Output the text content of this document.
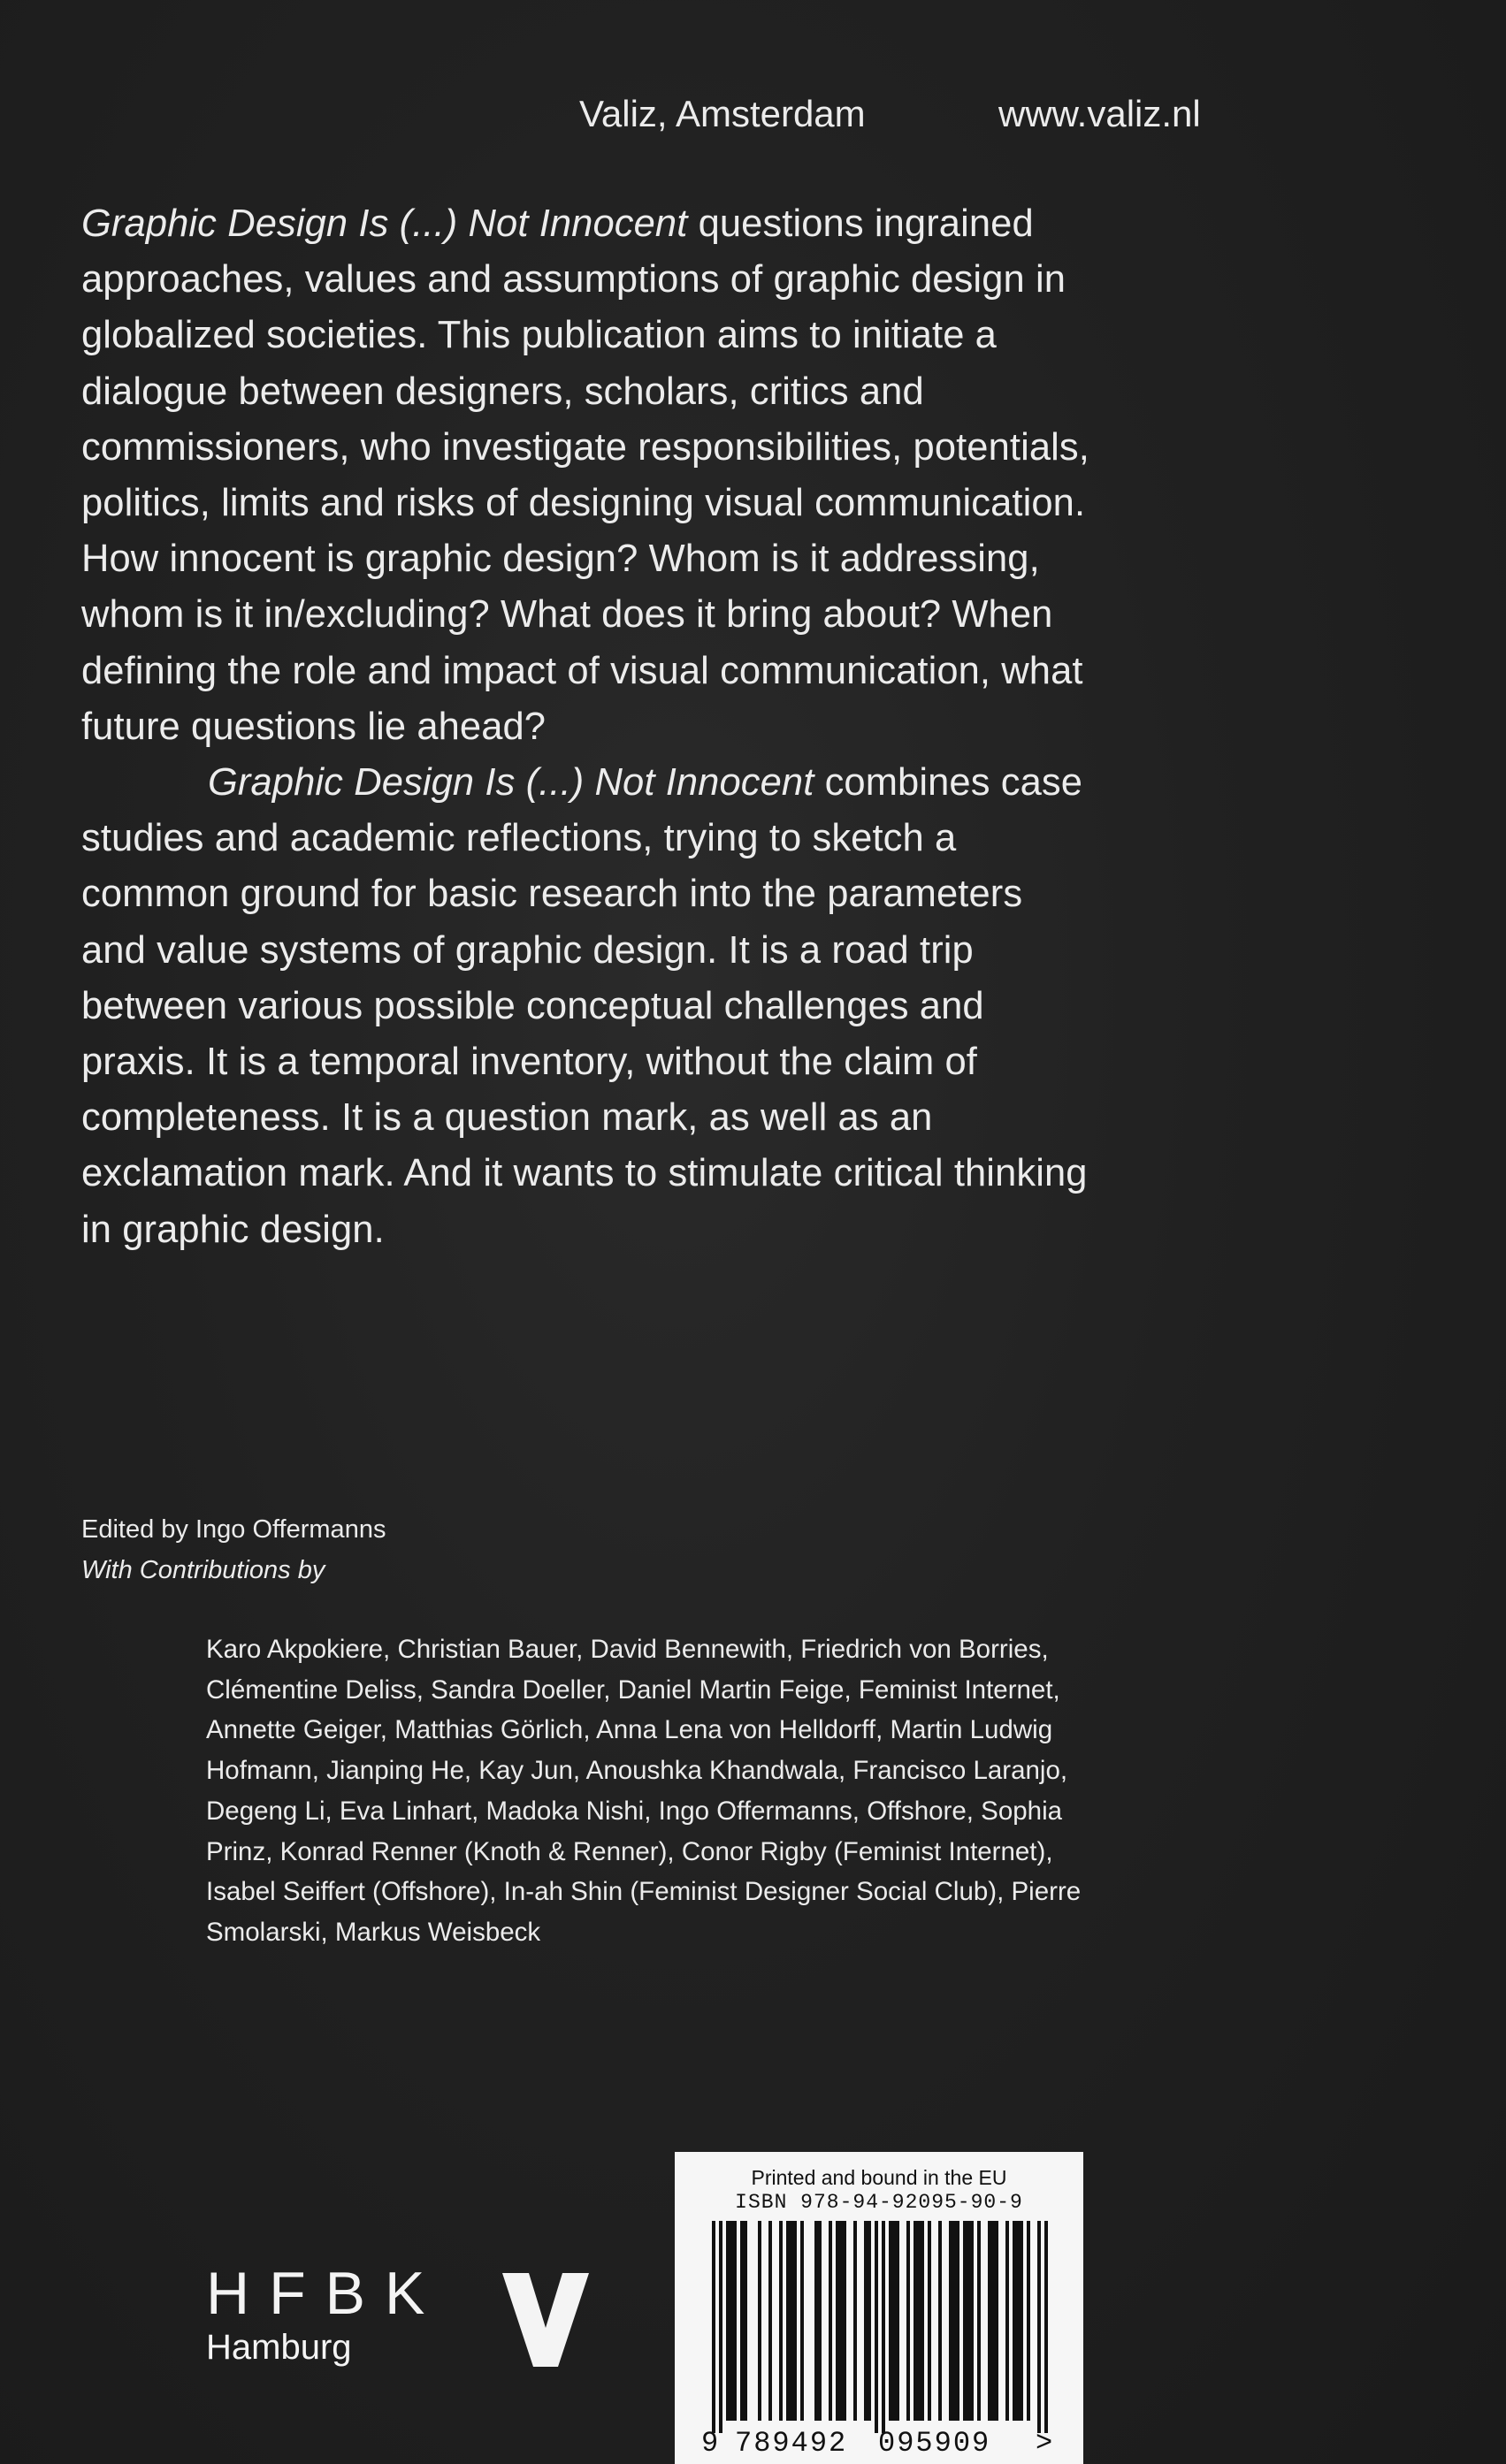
Valiz, Amsterdam	www.valiz.nl

Graphic Design Is (...) Not Innocent questions ingrained approaches, values and assumptions of graphic design in globalized societies. This publication aims to initiate a dialogue between designers, scholars, critics and commissioners, who investigate responsibilities, potentials, politics, limits and risks of designing visual communication. How innocent is graphic design? Whom is it addressing, whom is it in/excluding? What does it bring about? When defining the role and impact of visual communication, what future questions lie ahead?

Graphic Design Is (...) Not Innocent combines case studies and academic reflections, trying to sketch a common ground for basic research into the parameters and value systems of graphic design. It is a road trip between various possible conceptual challenges and praxis. It is a temporal inventory, without the claim of completeness. It is a question mark, as well as an exclamation mark. And it wants to stimulate critical thinking in graphic design.

Edited by Ingo Offermanns
With Contributions by

Karo Akpokiere, Christian Bauer, David Bennewith, Friedrich von Borries, Clémentine Deliss, Sandra Doeller, Daniel Martin Feige, Feminist Internet, Annette Geiger, Matthias Görlich, Anna Lena von Helldorff, Martin Ludwig Hofmann, Jianping He, Kay Jun, Anoushka Khandwala, Francisco Laranjo, Degeng Li, Eva Linhart, Madoka Nishi, Ingo Offermanns, Offshore, Sophia Prinz, Konrad Renner (Knoth & Renner), Conor Rigby (Feminist Internet), Isabel Seiffert (Offshore), In-ah Shin (Feminist Designer Social Club), Pierre Smolarski, Markus Weisbeck

HFBK
Hamburg
Printed and bound in the EU
ISBN 978-94-92095-90-9
9 789492 095909 >
